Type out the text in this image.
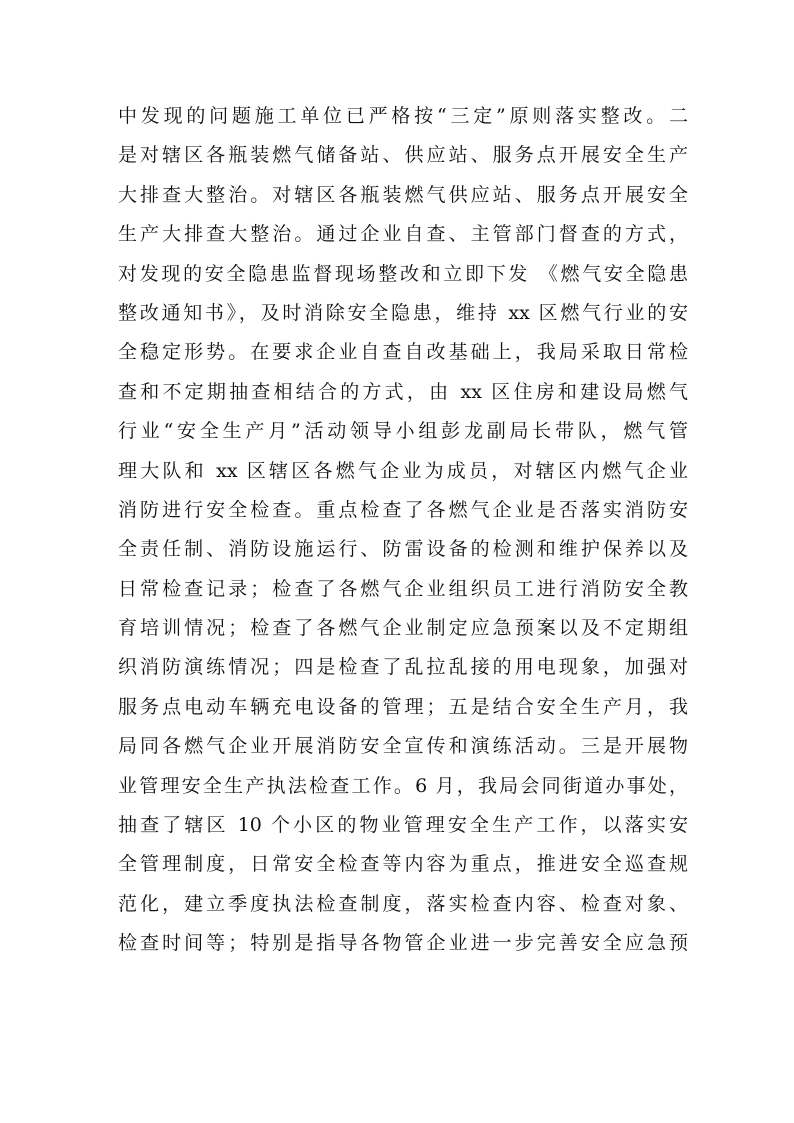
中发现的问题施工单位已严格按“三定”原则落实整改。二
是对辖区各瓶装燃气储备站、供应站、服务点开展安全生产
大排查大整治。对辖区各瓶装燃气供应站、服务点开展安全
生产大排查大整治。通过企业自查、主管部门督查的方式，
对发现的安全隐患监督现场整改和立即下发 《燃气安全隐患
整改通知书》，及时消除安全隐患，维持 xx 区燃气行业的安
全稳定形势。在要求企业自查自改基础上，我局采取日常检
查和不定期抽查相结合的方式，由 xx 区住房和建设局燃气
行业“安全生产月”活动领导小组彭龙副局长带队，燃气管
理大队和 xx 区辖区各燃气企业为成员，对辖区内燃气企业
消防进行安全检查。重点检查了各燃气企业是否落实消防安
全责任制、消防设施运行、防雷设备的检测和维护保养以及
日常检查记录；检查了各燃气企业组织员工进行消防安全教
育培训情况；检查了各燃气企业制定应急预案以及不定期组
织消防演练情况；四是检查了乱拉乱接的用电现象，加强对
服务点电动车辆充电设备的管理；五是结合安全生产月，我
局同各燃气企业开展消防安全宣传和演练活动。三是开展物
业管理安全生产执法检查工作。6 月，我局会同街道办事处，
抽查了辖区 10 个小区的物业管理安全生产工作，以落实安
全管理制度，日常安全检查等内容为重点，推进安全巡查规
范化，建立季度执法检查制度，落实检查内容、检查对象、
检查时间等；特别是指导各物管企业进一步完善安全应急预
